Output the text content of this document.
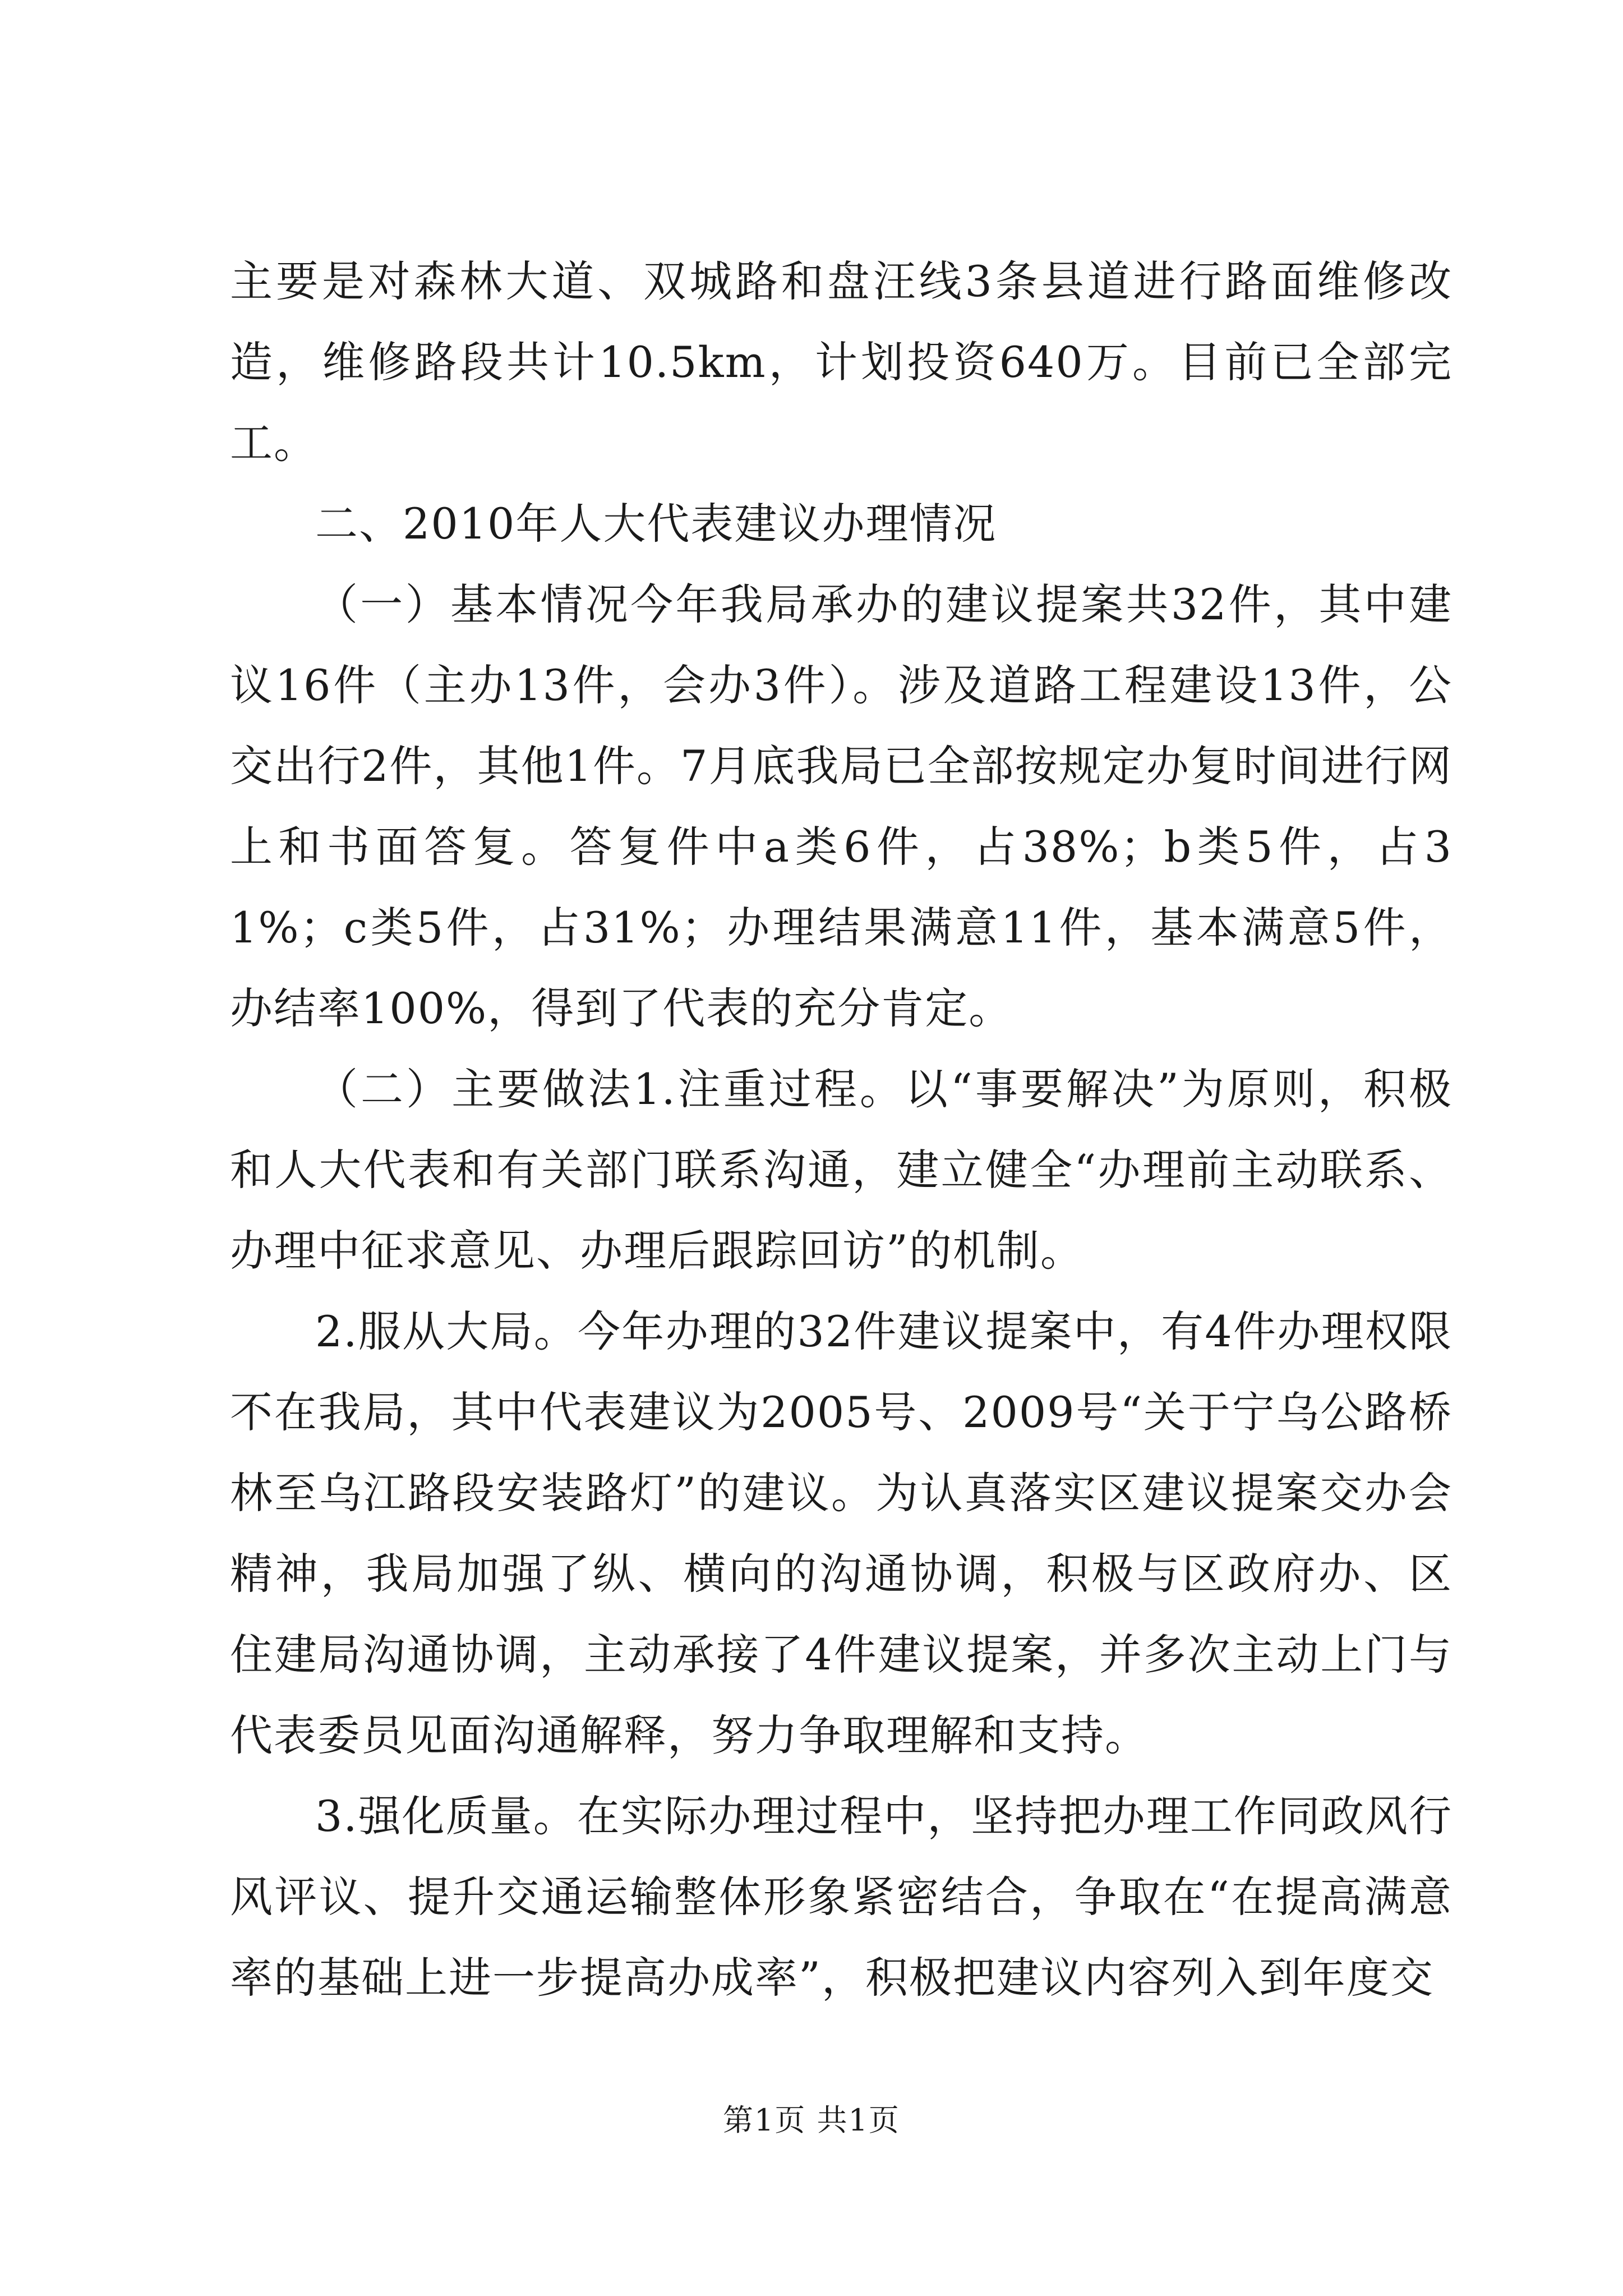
主要是对森林大道、双城路和盘汪线3条县道进行路面维修改造，维修路段共计10.5km，计划投资640万。目前已全部完工。

二、2010年人大代表建议办理情况

（一）基本情况今年我局承办的建议提案共32件，其中建议16件（主办13件，会办3件）。涉及道路工程建设13件，公交出行2件，其他1件。7月底我局已全部按规定办复时间进行网上和书面答复。答复件中a类6件，占38%；b类5件，占31%；c类5件，占31%；办理结果满意11件，基本满意5件，办结率100%，得到了代表的充分肯定。

（二）主要做法1.注重过程。以“事要解决”为原则，积极和人大代表和有关部门联系沟通，建立健全“办理前主动联系、办理中征求意见、办理后跟踪回访”的机制。

2.服从大局。今年办理的32件建议提案中，有4件办理权限不在我局，其中代表建议为2005号、2009号“关于宁乌公路桥林至乌江路段安装路灯”的建议。为认真落实区建议提案交办会精神，我局加强了纵、横向的沟通协调，积极与区政府办、区住建局沟通协调，主动承接了4件建议提案，并多次主动上门与代表委员见面沟通解释，努力争取理解和支持。

3.强化质量。在实际办理过程中，坚持把办理工作同政风行风评议、提升交通运输整体形象紧密结合，争取在“在提高满意率的基础上进一步提高办成率”，积极把建议内容列入到年度交

第1页 共1页
